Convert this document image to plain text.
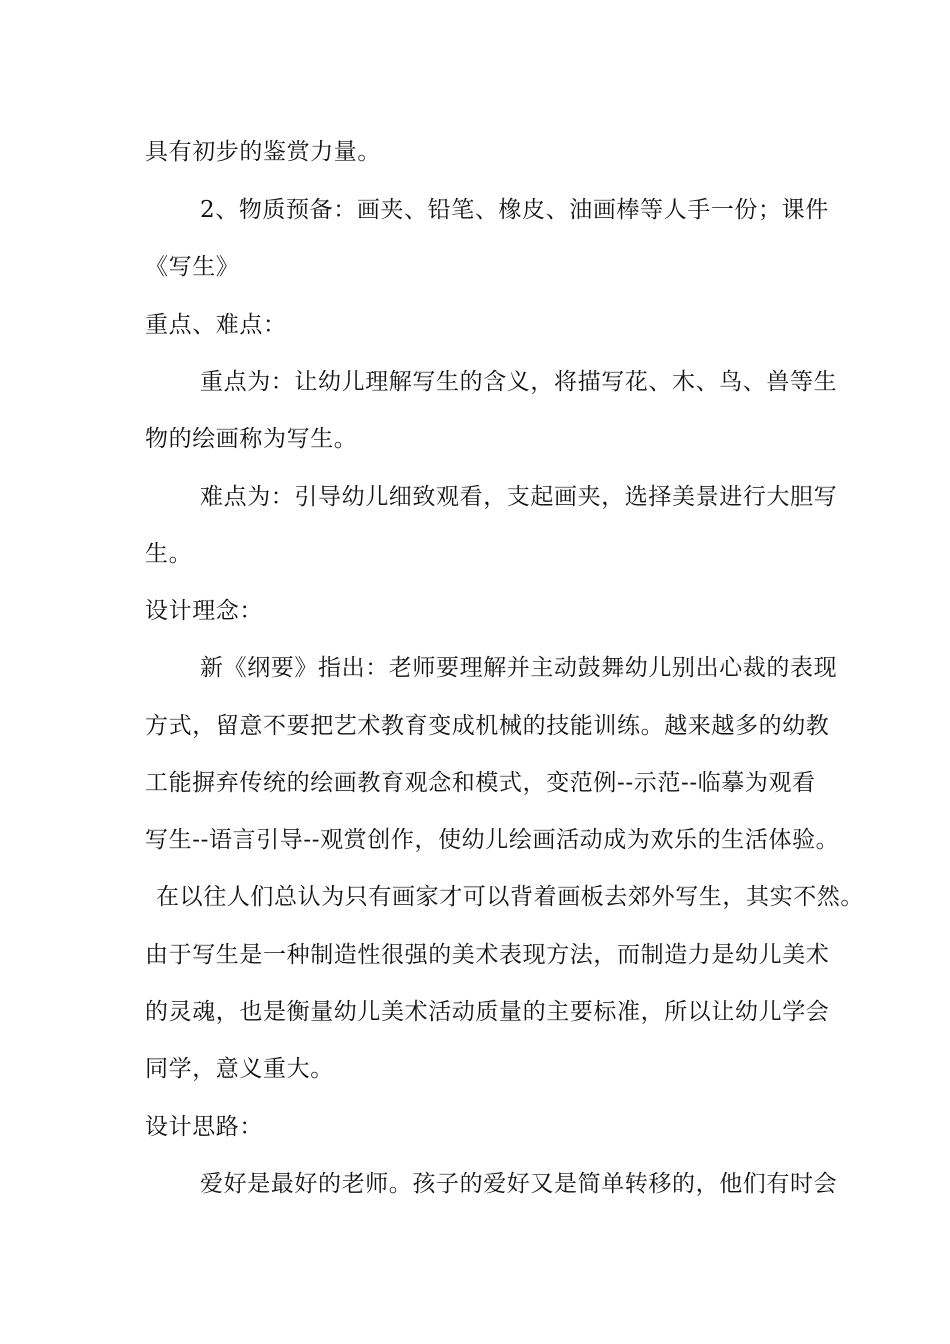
具有初步的鉴赏力量。
2、物质预备：画夹、铅笔、橡皮、油画棒等人手一份；课件
《写生》
重点、难点：
重点为：让幼儿理解写生的含义，将描写花、木、鸟、兽等生
物的绘画称为写生。
难点为：引导幼儿细致观看，支起画夹，选择美景进行大胆写
生。
设计理念：
新《纲要》指出：老师要理解并主动鼓舞幼儿别出心裁的表现
方式，留意不要把艺术教育变成机械的技能训练。越来越多的幼教
工能摒弃传统的绘画教育观念和模式，变范例--示范--临摹为观看
写生--语言引导--观赏创作，使幼儿绘画活动成为欢乐的生活体验。
在以往人们总认为只有画家才可以背着画板去郊外写生，其实不然。
由于写生是一种制造性很强的美术表现方法，而制造力是幼儿美术
的灵魂，也是衡量幼儿美术活动质量的主要标准，所以让幼儿学会
同学，意义重大。
设计思路：
爱好是最好的老师。孩子的爱好又是简单转移的，他们有时会
